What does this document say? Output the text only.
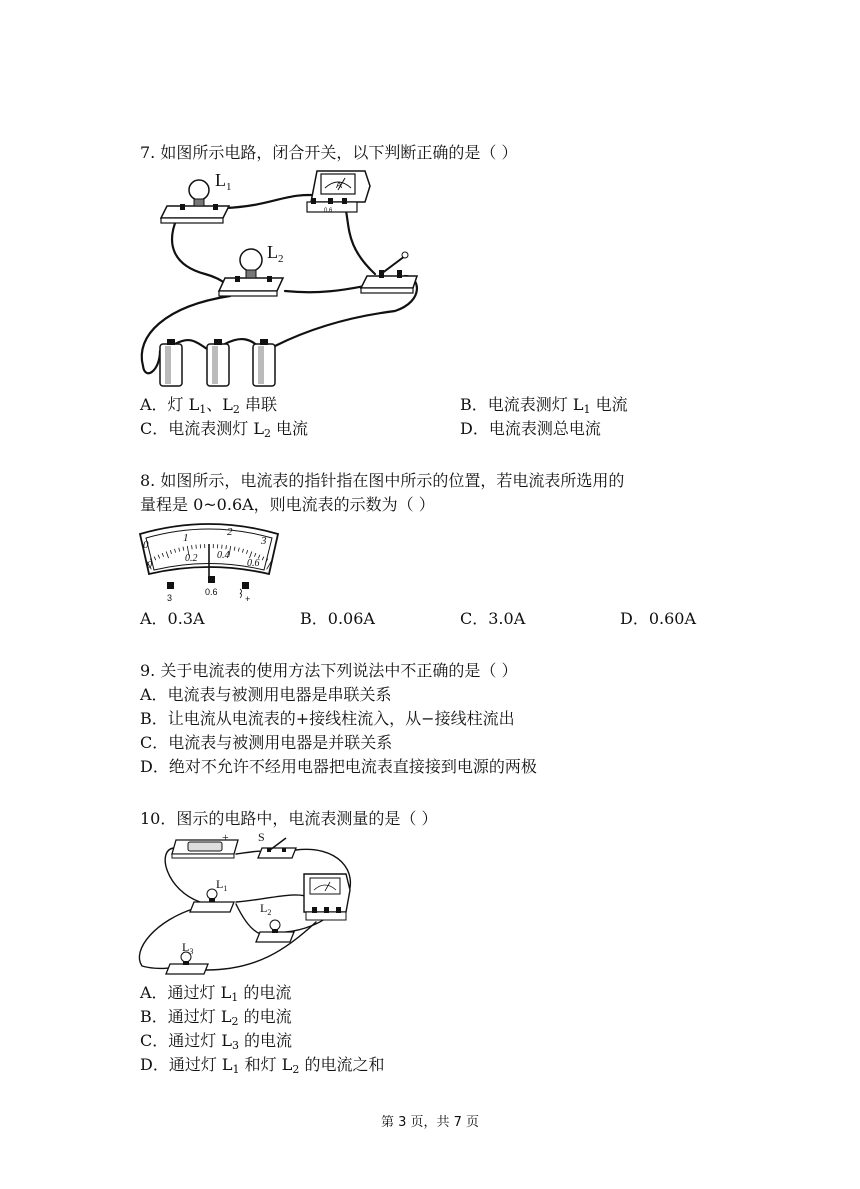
7. 如图所示电路，闭合开关，以下判断正确的是（ ）
$L_1$	A
0.6
$L_2$
A．灯 $L_1$、$L_2$ 串联	B．电流表测灯 $L_1$ 电流
C．电流表测灯 $L_2$ 电流	D．电流表测总电流
8. 如图所示，电流表的指针指在图中所示的位置，若电流表所选用的
量程是 0~0.6A，则电流表的示数为（ ）
0
1	2
3
0
0.2 0.4
0.6
3
0.6
+
A．0.3A	B．0.06A	C．3.0A	D．0.60A
9. 关于电流表的使用方法下列说法中不正确的是（ ）
A．电流表与被测用电器是串联关系
B．让电流从电流表的+接线柱流入，从−接线柱流出
C．电流表与被测用电器是并联关系
D．绝对不允许不经用电器把电流表直接接到电源的两极
10．图示的电路中，电流表测量的是（ ）
+ S
$L_1$
$L_2$
$L_3$
A．通过灯 $L_1$ 的电流
B．通过灯 $L_2$ 的电流
C．通过灯 $L_3$ 的电流
D．通过灯 $L_1$ 和灯 $L_2$ 的电流之和
第 3 页，共 7 页
